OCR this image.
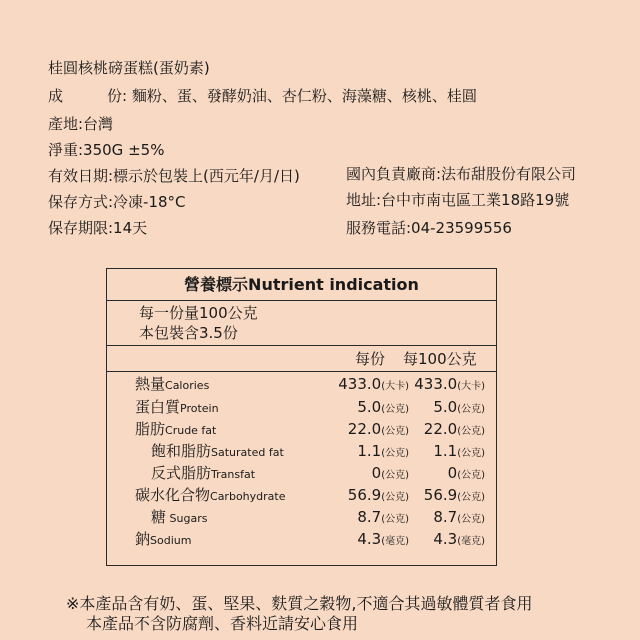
桂圓核桃磅蛋糕(蛋奶素)
成	份: 麵粉、蛋、發酵奶油、杏仁粉、海藻糖、核桃、桂圓
產地:台灣
淨重:350G ±5%
有效日期:標示於包裝上(西元年/月/日)
保存方式:冷凍-18°C
保存期限:14天
國內負責廠商:法布甜股份有限公司
地址:台中市南屯區工業18路19號
服務電話:04-23599556
營養標示Nutrient indication
每一份量100公克
本包裝含3.5份
每份 每100公克
熱量Calories	433.0(大卡) 433.0(大卡)
蛋白質Protein	5.0(公克) 5.0(公克)
脂肪Crude fat	22.0(公克) 22.0(公克)
飽和脂肪Saturated fat	1.1(公克) 1.1(公克)
反式脂肪Transfat	0(公克)	0(公克)
碳水化合物Carbohydrate	56.9(公克) 56.9(公克)
糖 Sugars	8.7(公克) 8.7(公克)
鈉Sodium	4.3(毫克) 4.3(毫克)
※本產品含有奶、蛋、堅果、麩質之穀物,不適合其過敏體質者食用
本產品不含防腐劑、香料近請安心食用
